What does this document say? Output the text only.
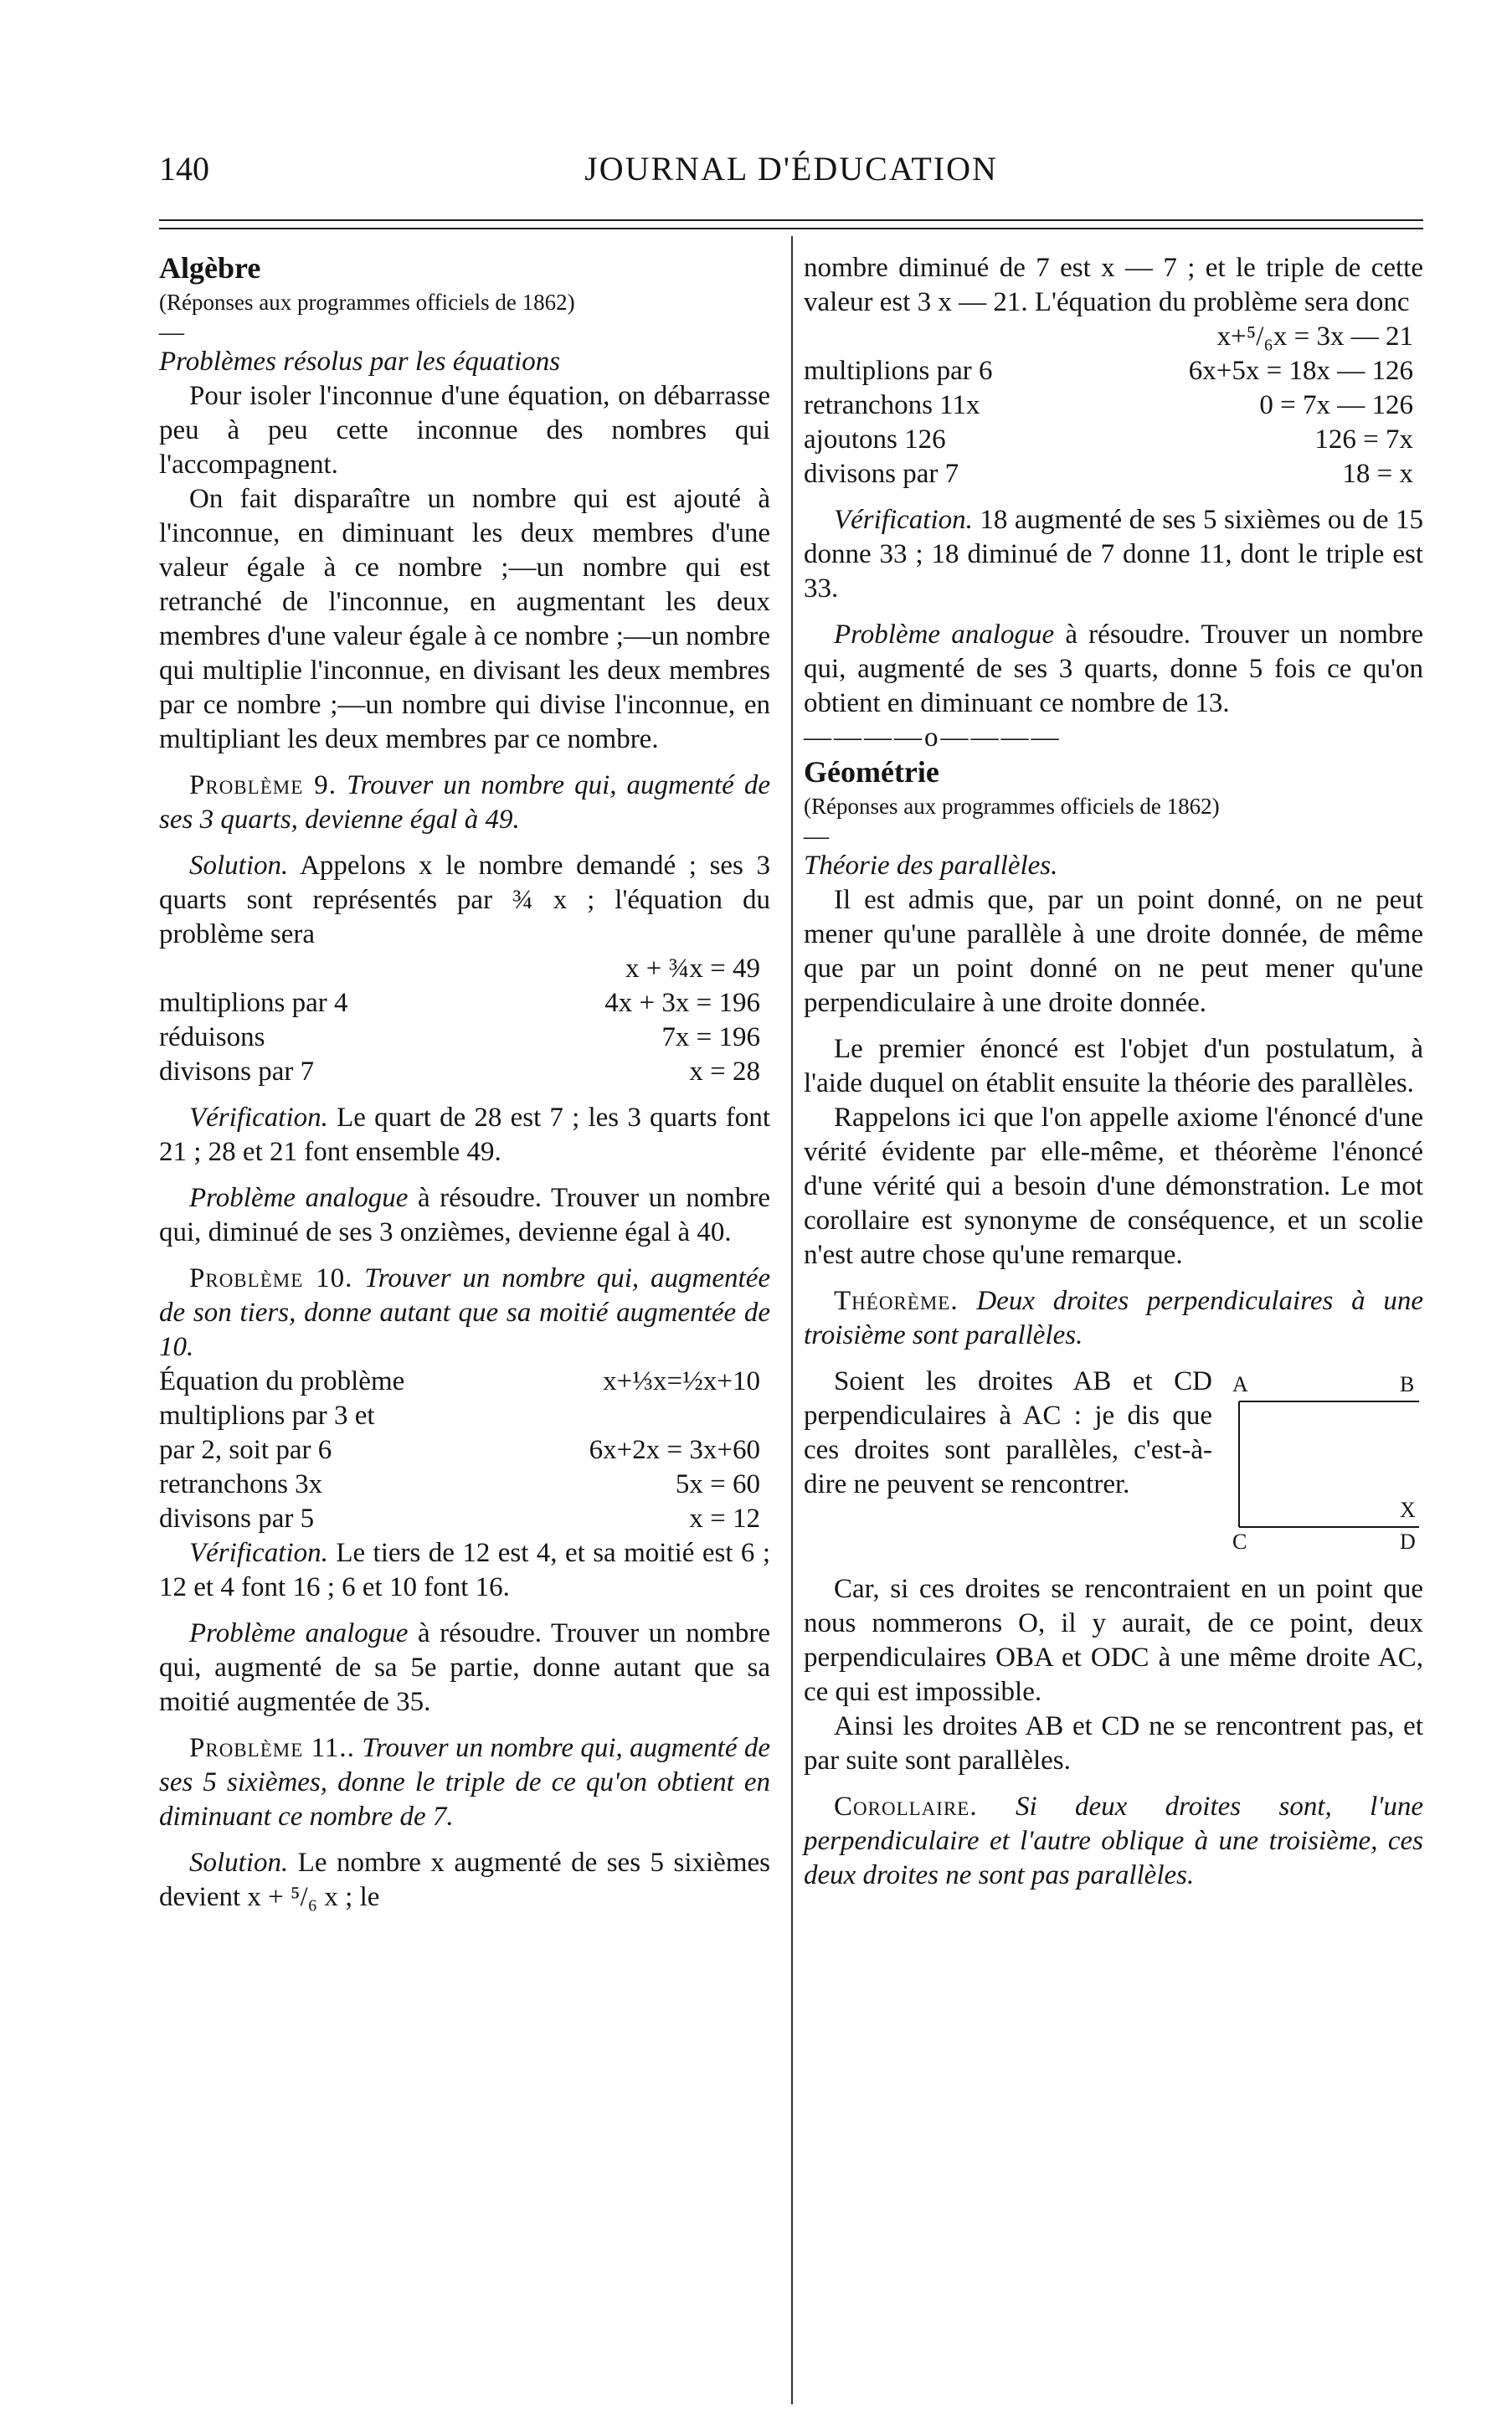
140	JOURNAL D'ÉDUCATION

Algèbre

(Réponses aux programmes officiels de 1862)

—

Problèmes résolus par les équations

Pour isoler l'inconnue d'une équation, on débarrasse peu à peu cette inconnue des nombres qui l'accompagnent.

On fait disparaître un nombre qui est ajouté à l'inconnue, en diminuant les deux membres d'une valeur égale à ce nombre ;—un nombre qui est retranché de l'inconnue, en augmentant les deux membres d'une valeur égale à ce nombre ;—un nombre qui multiplie l'inconnue, en divisant les deux membres par ce nombre ;—un nombre qui divise l'inconnue, en multipliant les deux membres par ce nombre.

Problème 9. Trouver un nombre qui, augmenté de ses 3 quarts, devienne égal à 49.

Solution. Appelons x le nombre demandé ; ses 3 quarts sont représentés par ¾ x ; l'équation du problème sera

	x + ¾x = 49
multiplions par 4	4x + 3x = 196
réduisons	7x = 196
divisons par 7	x = 28

Vérification. Le quart de 28 est 7 ; les 3 quarts font 21 ; 28 et 21 font ensemble 49.

Problème analogue à résoudre. Trouver un nombre qui, diminué de ses 3 onzièmes, devienne égal à 40.

Problème 10. Trouver un nombre qui, augmentée de son tiers, donne autant que sa moitié augmentée de 10.

Équation du problème	x+⅓x=½x+10
multiplions par 3 et	
par 2, soit par 6	6x+2x = 3x+60
retranchons 3x	5x = 60
divisons par 5	x = 12

Vérification. Le tiers de 12 est 4, et sa moitié est 6 ; 12 et 4 font 16 ; 6 et 10 font 16.

Problème analogue à résoudre. Trouver un nombre qui, augmenté de sa 5e partie, donne autant que sa moitié augmentée de 35.

Problème 11.. Trouver un nombre qui, augmenté de ses 5 sixièmes, donne le triple de ce qu'on obtient en diminuant ce nombre de 7.

Solution. Le nombre x augmenté de ses 5 sixièmes devient x + ⁵/₆ x ; le

nombre diminué de 7 est x — 7 ; et le triple de cette valeur est 3 x — 21. L'équation du problème sera donc

	x+⁵/₆x = 3x — 21
multiplions par 6	6x+5x = 18x — 126
retranchons 11x	0 = 7x — 126
ajoutons 126	126 = 7x
divisons par 7	18 = x

Vérification. 18 augmenté de ses 5 sixièmes ou de 15 donne 33 ; 18 diminué de 7 donne 11, dont le triple est 33.

Problème analogue à résoudre. Trouver un nombre qui, augmenté de ses 3 quarts, donne 5 fois ce qu'on obtient en diminuant ce nombre de 13.

————o————

Géométrie

(Réponses aux programmes officiels de 1862)

—

Théorie des parallèles.

Il est admis que, par un point donné, on ne peut mener qu'une parallèle à une droite donnée, de même que par un point donné on ne peut mener qu'une perpendiculaire à une droite donnée.

Le premier énoncé est l'objet d'un postulatum, à l'aide duquel on établit ensuite la théorie des parallèles.

Rappelons ici que l'on appelle axiome l'énoncé d'une vérité évidente par elle-même, et théorème l'énoncé d'une vérité qui a besoin d'une démonstration. Le mot corollaire est synonyme de conséquence, et un scolie n'est autre chose qu'une remarque.

Théorème. Deux droites perpendiculaires à une troisième sont parallèles.

A	B
X
C	D

Soient les droites AB et CD perpendiculaires à AC : je dis que ces droites sont parallèles, c'est-à-dire ne peuvent se rencontrer.

Car, si ces droites se rencontraient en un point que nous nommerons O, il y aurait, de ce point, deux perpendiculaires OBA et ODC à une même droite AC, ce qui est impossible.

Ainsi les droites AB et CD ne se rencontrent pas, et par suite sont parallèles.

Corollaire. Si deux droites sont, l'une perpendiculaire et l'autre oblique à une troisième, ces deux droites ne sont pas parallèles.
